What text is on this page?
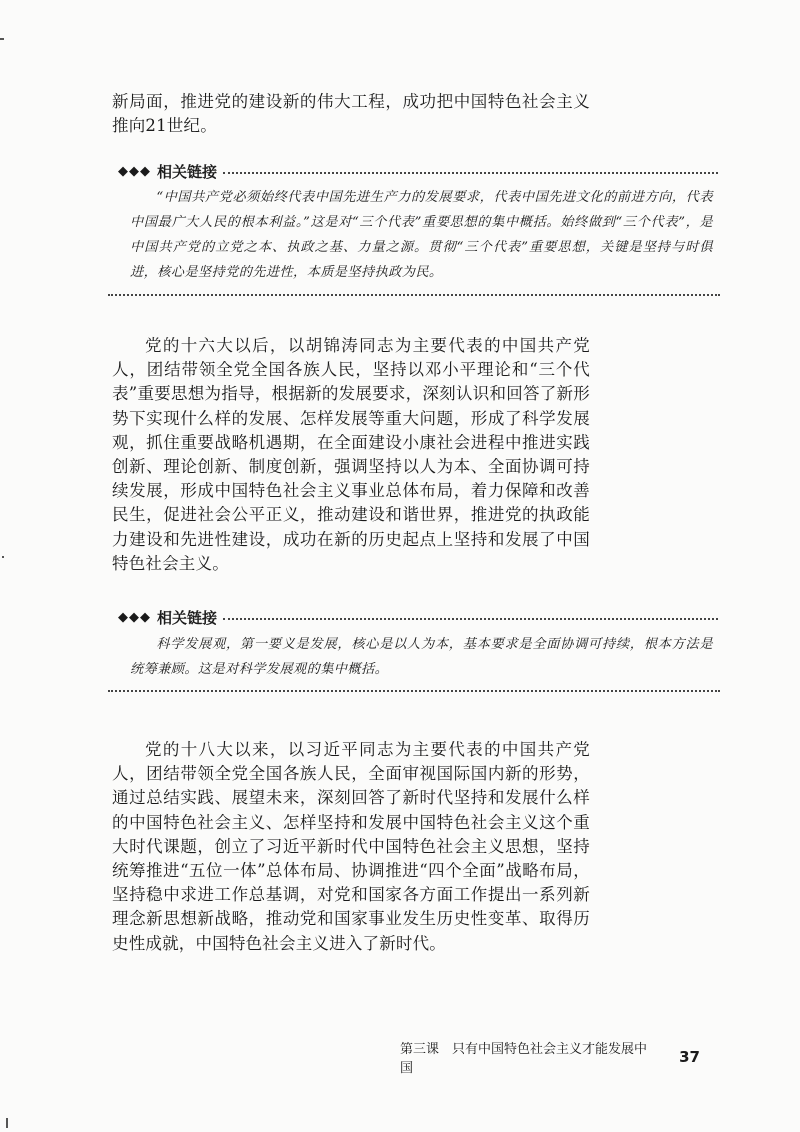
新局面，推进党的建设新的伟大工程，成功把中国特色社会主义推向21世纪。

◆◆◆ 相关链接

“中国共产党必须始终代表中国先进生产力的发展要求，代表中国先进文化的前进方向，代表中国最广大人民的根本利益。”这是对“三个代表”重要思想的集中概括。始终做到“三个代表”，是中国共产党的立党之本、执政之基、力量之源。贯彻“三个代表”重要思想，关键是坚持与时俱进，核心是坚持党的先进性，本质是坚持执政为民。

党的十六大以后，以胡锦涛同志为主要代表的中国共产党人，团结带领全党全国各族人民，坚持以邓小平理论和“三个代表”重要思想为指导，根据新的发展要求，深刻认识和回答了新形势下实现什么样的发展、怎样发展等重大问题，形成了科学发展观，抓住重要战略机遇期，在全面建设小康社会进程中推进实践创新、理论创新、制度创新，强调坚持以人为本、全面协调可持续发展，形成中国特色社会主义事业总体布局，着力保障和改善民生，促进社会公平正义，推动建设和谐世界，推进党的执政能力建设和先进性建设，成功在新的历史起点上坚持和发展了中国特色社会主义。

◆◆◆ 相关链接

科学发展观，第一要义是发展，核心是以人为本，基本要求是全面协调可持续，根本方法是统筹兼顾。这是对科学发展观的集中概括。

党的十八大以来，以习近平同志为主要代表的中国共产党人，团结带领全党全国各族人民，全面审视国际国内新的形势，通过总结实践、展望未来，深刻回答了新时代坚持和发展什么样的中国特色社会主义、怎样坚持和发展中国特色社会主义这个重大时代课题，创立了习近平新时代中国特色社会主义思想，坚持统筹推进“五位一体”总体布局、协调推进“四个全面”战略布局，坚持稳中求进工作总基调，对党和国家各方面工作提出一系列新理念新思想新战略，推动党和国家事业发生历史性变革、取得历史性成就，中国特色社会主义进入了新时代。

第三课　只有中国特色社会主义才能发展中国
37
